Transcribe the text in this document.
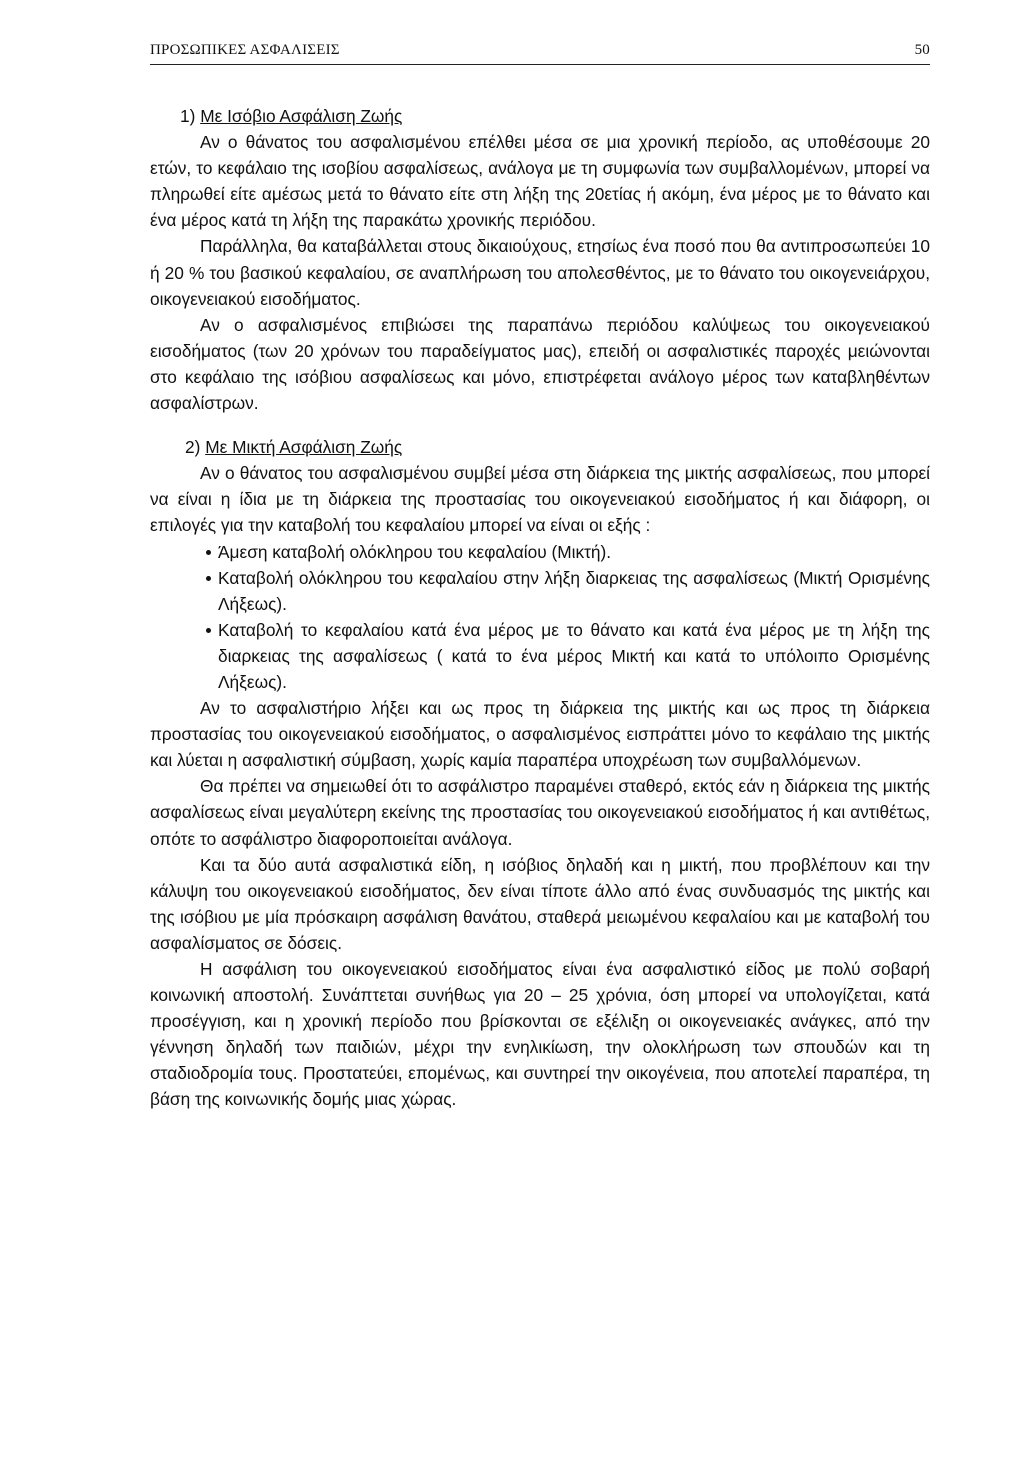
ΠΡΟΣΩΠΙΚΕΣ ΑΣΦΑΛΙΣΕΙΣ	50
1) Με Ισόβιο Ασφάλιση Ζωής

Αν ο θάνατος του ασφαλισμένου επέλθει μέσα σε μια χρονική περίοδο, ας υποθέσουμε 20 ετών, το κεφάλαιο της ισοβίου ασφαλίσεως, ανάλογα με τη συμφωνία των συμβαλλομένων, μπορεί να πληρωθεί είτε αμέσως μετά το θάνατο είτε στη λήξη της 20ετίας ή ακόμη, ένα μέρος με το θάνατο και ένα μέρος κατά τη λήξη της παρακάτω χρονικής περιόδου.

Παράλληλα, θα καταβάλλεται στους δικαιούχους, ετησίως ένα ποσό που θα αντιπροσωπεύει 10 ή 20 % του βασικού κεφαλαίου, σε αναπλήρωση του απολεσθέντος, με το θάνατο του οικογενειάρχου, οικογενειακού εισοδήματος.

Αν ο ασφαλισμένος επιβιώσει της παραπάνω περιόδου καλύψεως του οικογενειακού εισοδήματος (των 20 χρόνων του παραδείγματος μας), επειδή οι ασφαλιστικές παροχές μειώνονται στο κεφάλαιο της ισόβιου ασφαλίσεως και μόνο, επιστρέφεται ανάλογο μέρος των καταβληθέντων ασφαλίστρων.

2) Με Μικτή Ασφάλιση Ζωής

Αν ο θάνατος του ασφαλισμένου συμβεί μέσα στη διάρκεια της μικτής ασφαλίσεως, που μπορεί να είναι η ίδια με τη διάρκεια της προστασίας του οικογενειακού εισοδήματος ή και διάφορη, οι επιλογές για την καταβολή του κεφαλαίου μπορεί να είναι οι εξής :

Άμεση καταβολή ολόκληρου του κεφαλαίου (Μικτή).
Καταβολή ολόκληρου του κεφαλαίου στην λήξη διαρκειας της ασφαλίσεως (Μικτή Ορισμένης Λήξεως).
Καταβολή το κεφαλαίου κατά ένα μέρος με το θάνατο και κατά ένα μέρος με τη λήξη της διαρκειας της ασφαλίσεως ( κατά το ένα μέρος Μικτή και κατά το υπόλοιπο Ορισμένης Λήξεως).

Αν το ασφαλιστήριο λήξει και ως προς τη διάρκεια της μικτής και ως προς τη διάρκεια προστασίας του οικογενειακού εισοδήματος, ο ασφαλισμένος εισπράττει μόνο το κεφάλαιο της μικτής και λύεται η ασφαλιστική σύμβαση, χωρίς καμία παραπέρα υποχρέωση των συμβαλλόμενων.

Θα πρέπει να σημειωθεί ότι το ασφάλιστρο παραμένει σταθερό, εκτός εάν η διάρκεια της μικτής ασφαλίσεως είναι μεγαλύτερη εκείνης της προστασίας του οικογενειακού εισοδήματος ή και αντιθέτως, οπότε το ασφάλιστρο διαφοροποιείται ανάλογα.

Και τα δύο αυτά ασφαλιστικά είδη, η ισόβιος δηλαδή και η μικτή, που προβλέπουν και την κάλυψη του οικογενειακού εισοδήματος, δεν είναι τίποτε άλλο από ένας συνδυασμός της μικτής και της ισόβιου με μία πρόσκαιρη ασφάλιση θανάτου, σταθερά μειωμένου κεφαλαίου και με καταβολή του ασφαλίσματος σε δόσεις.

Η ασφάλιση του οικογενειακού εισοδήματος είναι ένα ασφαλιστικό είδος με πολύ σοβαρή κοινωνική αποστολή. Συνάπτεται συνήθως για 20 – 25 χρόνια, όση μπορεί να υπολογίζεται, κατά προσέγγιση, και η χρονική περίοδο που βρίσκονται σε εξέλιξη οι οικογενειακές ανάγκες, από την γέννηση δηλαδή των παιδιών, μέχρι την ενηλικίωση, την ολοκλήρωση των σπουδών και τη σταδιοδρομία τους. Προστατεύει, επομένως, και συντηρεί την οικογένεια, που αποτελεί παραπέρα, τη βάση της κοινωνικής δομής μιας χώρας.
